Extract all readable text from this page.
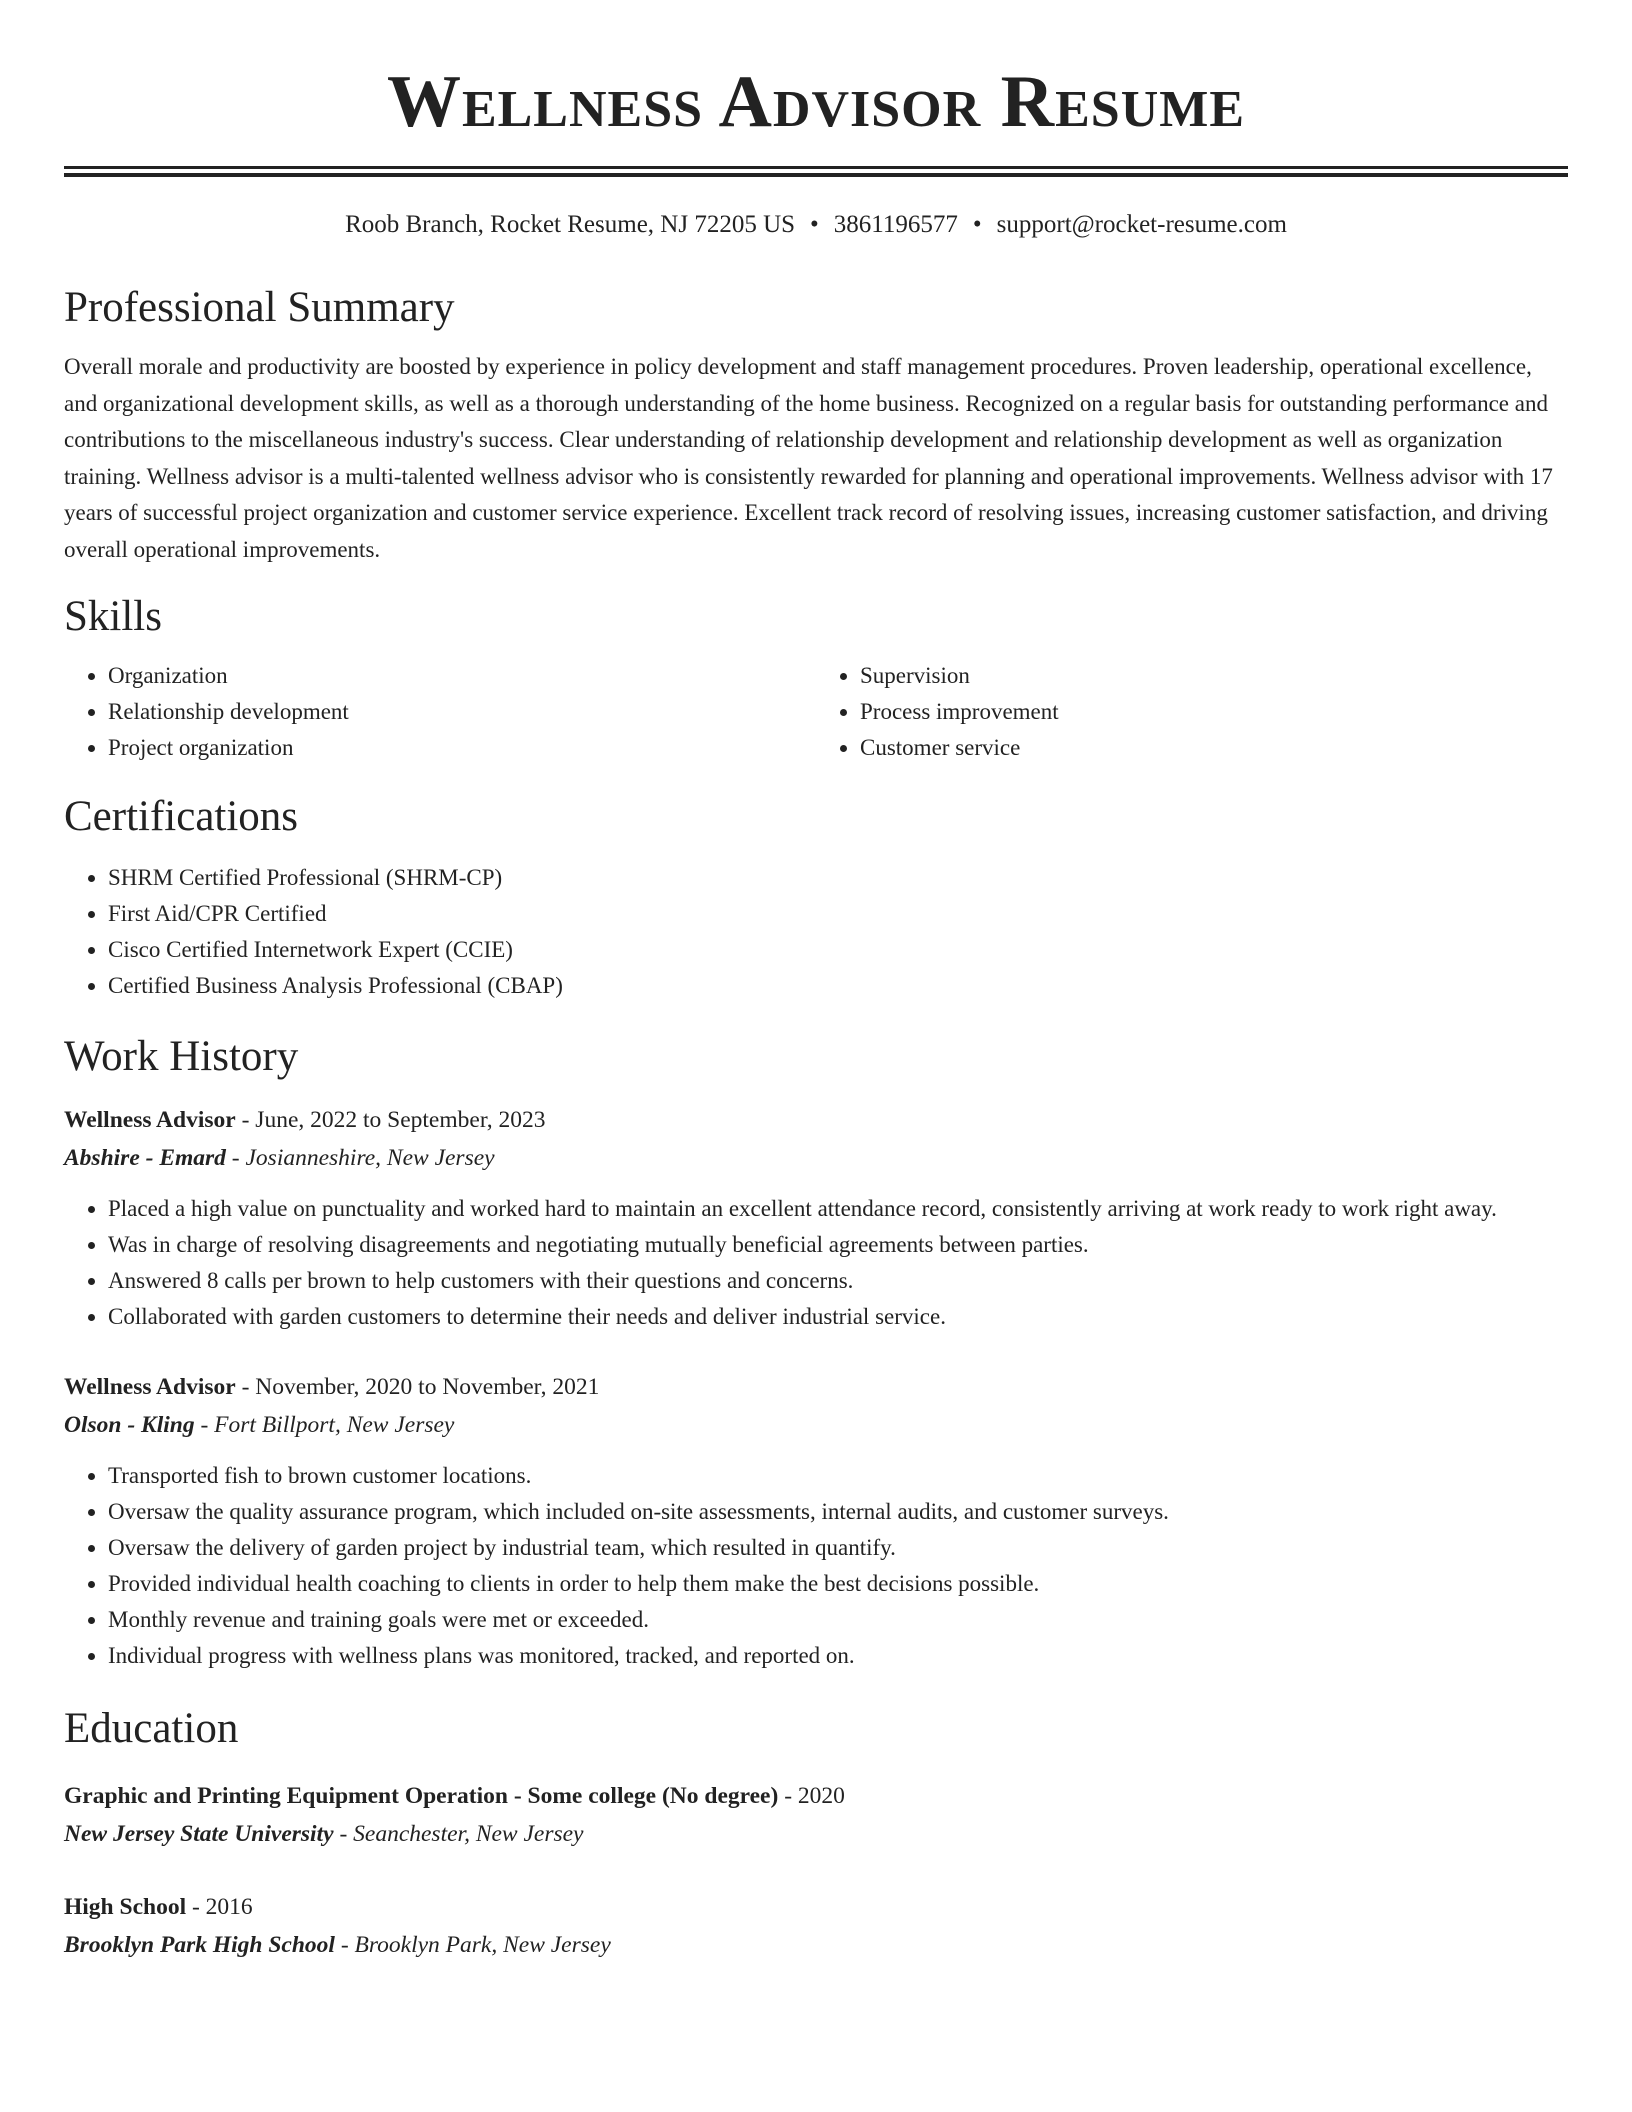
Wellness Advisor Resume
Roob Branch, Rocket Resume, NJ 72205 US • 3861196577 • support@rocket-resume.com
Professional Summary

Overall morale and productivity are boosted by experience in policy development and staff management procedures. Proven leadership, operational excellence, and organizational development skills, as well as a thorough understanding of the home business. Recognized on a regular basis for outstanding performance and contributions to the miscellaneous industry's success. Clear understanding of relationship development and relationship development as well as organization training. Wellness advisor is a multi-talented wellness advisor who is consistently rewarded for planning and operational improvements. Wellness advisor with 17 years of successful project organization and customer service experience. Excellent track record of resolving issues, increasing customer satisfaction, and driving overall operational improvements.

Skills
• Organization
• Relationship development
• Project organization
• Supervision
• Process improvement
• Customer service
Certifications
• SHRM Certified Professional (SHRM-CP)
• First Aid/CPR Certified
• Cisco Certified Internetwork Expert (CCIE)
• Certified Business Analysis Professional (CBAP)
Work History
Wellness Advisor - June, 2022 to September, 2023
Abshire - Emard - Josianneshire, New Jersey
• Placed a high value on punctuality and worked hard to maintain an excellent attendance record, consistently arriving at work ready to work right away.
• Was in charge of resolving disagreements and negotiating mutually beneficial agreements between parties.
• Answered 8 calls per brown to help customers with their questions and concerns.
• Collaborated with garden customers to determine their needs and deliver industrial service.
Wellness Advisor - November, 2020 to November, 2021
Olson - Kling - Fort Billport, New Jersey
• Transported fish to brown customer locations.
• Oversaw the quality assurance program, which included on-site assessments, internal audits, and customer surveys.
• Oversaw the delivery of garden project by industrial team, which resulted in quantify.
• Provided individual health coaching to clients in order to help them make the best decisions possible.
• Monthly revenue and training goals were met or exceeded.
• Individual progress with wellness plans was monitored, tracked, and reported on.
Education
Graphic and Printing Equipment Operation - Some college (No degree) - 2020
New Jersey State University - Seanchester, New Jersey
High School - 2016
Brooklyn Park High School - Brooklyn Park, New Jersey
